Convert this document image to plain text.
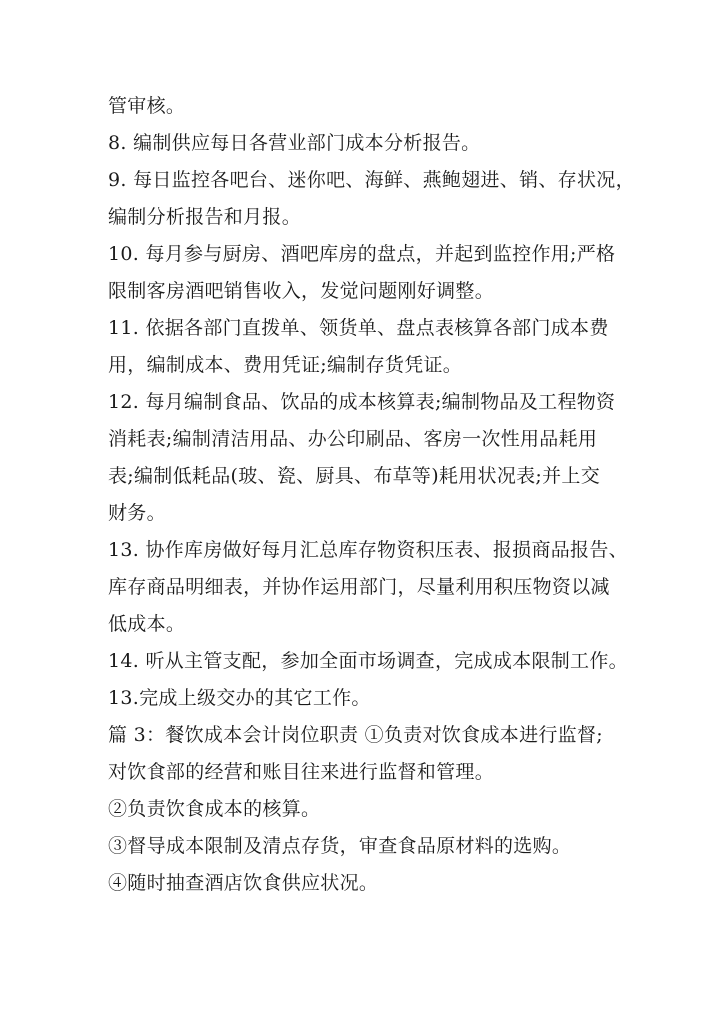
管审核。
8. 编制供应每日各营业部门成本分析报告。
9. 每日监控各吧台、迷你吧、海鲜、燕鲍翅进、销、存状况，
编制分析报告和月报。
10. 每月参与厨房、酒吧库房的盘点，并起到监控作用;严格
限制客房酒吧销售收入，发觉问题刚好调整。
11. 依据各部门直拨单、领货单、盘点表核算各部门成本费
用，编制成本、费用凭证;编制存货凭证。
12. 每月编制食品、饮品的成本核算表;编制物品及工程物资
消耗表;编制清洁用品、办公印刷品、客房一次性用品耗用
表;编制低耗品(玻、瓷、厨具、布草等)耗用状况表;并上交
财务。
13. 协作库房做好每月汇总库存物资积压表、报损商品报告、
库存商品明细表，并协作运用部门，尽量利用积压物资以减
低成本。
14. 听从主管支配，参加全面市场调查，完成成本限制工作。
13.完成上级交办的其它工作。
篇 3：餐饮成本会计岗位职责 ①负责对饮食成本进行监督;
对饮食部的经营和账目往来进行监督和管理。
②负责饮食成本的核算。
③督导成本限制及清点存货，审查食品原材料的选购。
④随时抽查酒店饮食供应状况。
